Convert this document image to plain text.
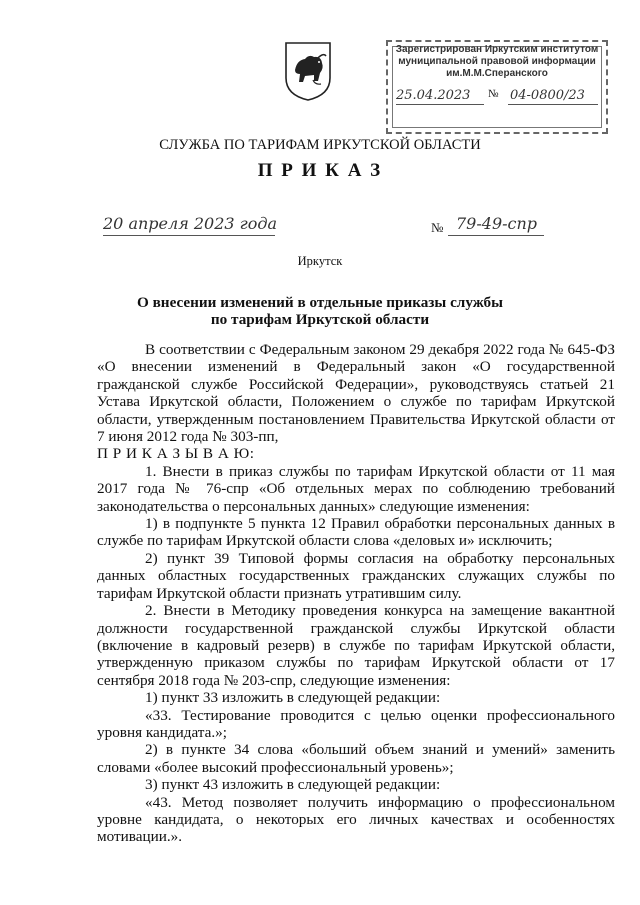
Зарегистрирован Иркутским институтом муниципальной правовой информации им.М.М.Сперанского
25.04.2023 № 04-0800/23
СЛУЖБА ПО ТАРИФАМ ИРКУТСКОЙ ОБЛАСТИ
П Р И К А З
20 апреля 2023 года	№ 79-49-спр
Иркутск
О внесении изменений в отдельные приказы службы по тарифам Иркутской области

В соответствии с Федеральным законом 29 декабря 2022 года № 645-ФЗ «О внесении изменений в Федеральный закон «О государственной гражданской службе Российской Федерации», руководствуясь статьей 21 Устава Иркутской области, Положением о службе по тарифам Иркутской области, утвержденным постановлением Правительства Иркутской области от 7 июня 2012 года № 303-пп,

П Р И К А З Ы В А Ю:

1. Внести в приказ службы по тарифам Иркутской области от 11 мая 2017 года № 76-спр «Об отдельных мерах по соблюдению требований законодательства о персональных данных» следующие изменения:

1) в подпункте 5 пункта 12 Правил обработки персональных данных в службе по тарифам Иркутской области слова «деловых и» исключить;

2) пункт 39 Типовой формы согласия на обработку персональных данных областных государственных гражданских служащих службы по тарифам Иркутской области признать утратившим силу.

2. Внести в Методику проведения конкурса на замещение вакантной должности государственной гражданской службы Иркутской области (включение в кадровый резерв) в службе по тарифам Иркутской области, утвержденную приказом службы по тарифам Иркутской области от 17 сентября 2018 года № 203-спр, следующие изменения:

1) пункт 33 изложить в следующей редакции:

«33. Тестирование проводится с целью оценки профессионального уровня кандидата.»;

2) в пункте 34 слова «больший объем знаний и умений» заменить словами «более высокий профессиональный уровень»;

3) пункт 43 изложить в следующей редакции:

«43. Метод позволяет получить информацию о профессиональном уровне кандидата, о некоторых его личных качествах и особенностях мотивации.».
